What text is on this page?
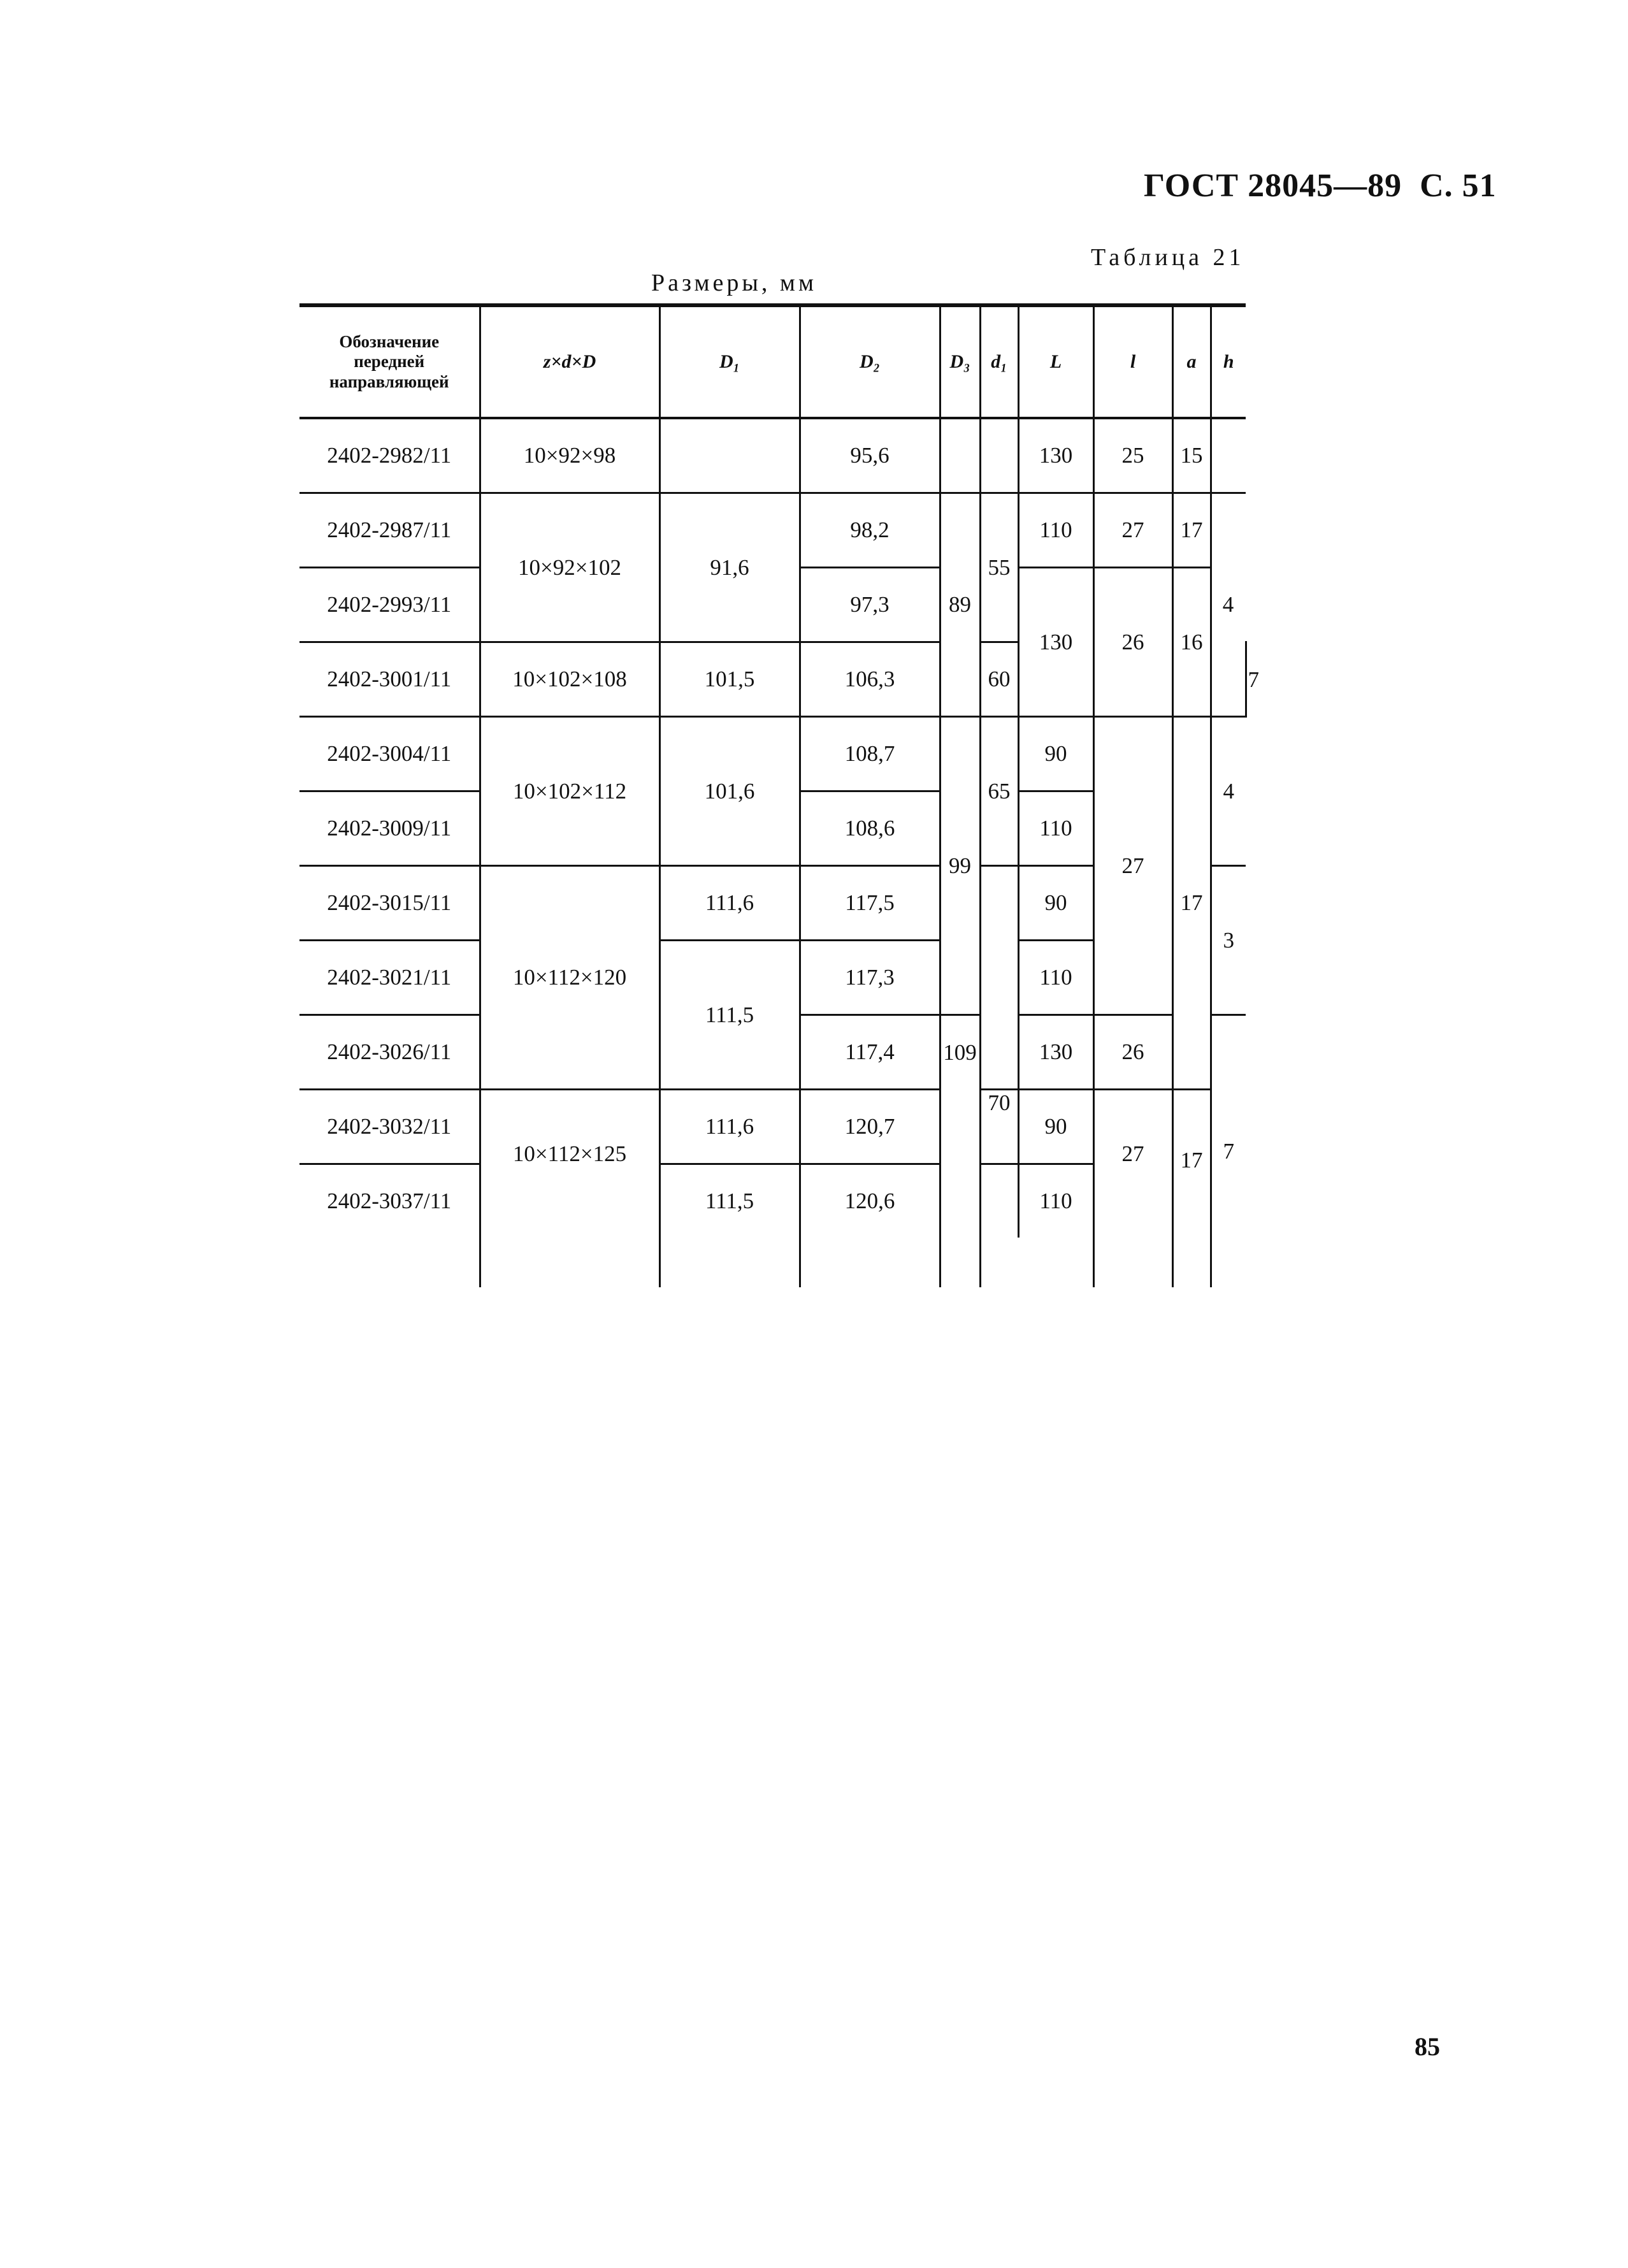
ГОСТ 28045—89 С. 51
Таблица 21
Размеры, мм
Обозначение передней направляющей	z×d×D	D₁	D₂	D₃	d₁	L	l	a	h	
2402-2982/11	10×92×98		95,6			130	25	15		
2402-2987/11	10×92×102	91,6	98,2	89	55	110	27	17	4	
2402-2993/11			97,3			130	26	16		
2402-3001/11	10×102×108	101,5	106,3		60					7
2402-3004/11	10×102×112	101,6	108,7	99	65	90	27	17	4	
2402-3009/11			108,6			110				
2402-3015/11	10×112×120	111,6	117,5			90			3	
2402-3021/11		111,5	117,3			110				
2402-3026/11			117,4	109		130	26		7	
2402-3032/11	10×112×125	111,6	120,7		70	90	27	17		
2402-3037/11		111,5	120,6			110				

85
